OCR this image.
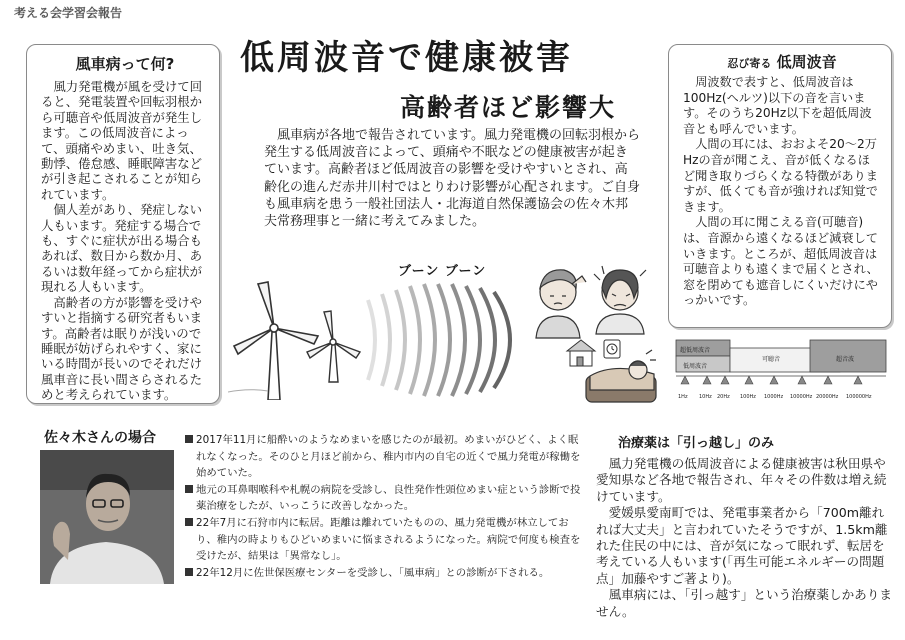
考える会学習会報告
風車病って何?

風力発電機が風を受けて回ると、発電装置や回転羽根から可聴音や低周波音が発生します。この低周波音によって、頭痛やめまい、吐き気、動悸、倦怠感、睡眠障害などが引き起こされることが知られています。

個人差があり、発症しない人もいます。発症する場合でも、すぐに症状が出る場合もあれば、数日から数か月、あるいは数年経ってから症状が現れる人もいます。

高齢者の方が影響を受けやすいと指摘する研究者もいます。高齢者は眠りが浅いので睡眠が妨げられやすく、家にいる時間が長いのでそれだけ風車音に長い間さらされるためと考えられています。

低周波音で健康被害
高齢者ほど影響大

風車病が各地で報告されています。風力発電機の回転羽根から発生する低周波音によって、頭痛や不眠などの健康被害が起きています。高齢者ほど低周波音の影響を受けやすいとされ、高齢化の進んだ赤井川村ではとりわけ影響が心配されます。ご自身も風車病を患う一般社団法人・北海道自然保護協会の佐々木邦夫常務理事と一緒に考えてみました。

忍び寄る 低周波音

周波数で表すと、低周波音は100Hz(ヘルツ)以下の音を言います。そのうち20Hz以下を超低周波音とも呼んでいます。

人間の耳には、おおよそ20～2万Hzの音が聞こえ、音が低くなるほど聞き取りづらくなる特徴がありますが、低くても音が強ければ知覚できます。

人間の耳に聞こえる音(可聴音)は、音源から遠くなるほど減衰していきます。ところが、超低周波音は可聴音よりも遠くまで届くとされ、窓を閉めても遮音しにくいだけにやっかいです。

ブーン ブーン
超低周波音
低周波音
可聴音	超音波
1Hz 10Hz 20Hz 100Hz 1000Hz 10000Hz 20000Hz 100000Hz
佐々木さんの場合	2017年11月に船酔いのようなめまいを感じたのが最初。めまいがひどく、よく眠れなくなった。そのひと月ほど前から、稚内市内の自宅の近くで風力発電が稼働を始めていた。

地元の耳鼻咽喉科や札幌の病院を受診し、良性発作性頭位めまい症という診断で投薬治療をしたが、いっこうに改善しなかった。

22年7月に石狩市内に転居。距離は離れていたものの、風力発電機が林立しており、稚内の時よりもひどいめまいに悩まされるようになった。病院で何度も検査を受けたが、結果は「異常なし」。

22年12月に佐世保医療センターを受診し、「風車病」との診断が下される。

治療薬は「引っ越し」のみ

風力発電機の低周波音による健康被害は秋田県や愛知県など各地で報告され、年々その件数は増え続けています。

愛媛県愛南町では、発電事業者から「700m離れれば大丈夫」と言われていたそうですが、1.5km離れた住民の中には、音が気になって眠れず、転居を考えている人もいます(「再生可能エネルギーの問題点」加藤やすご著より)。

風車病には、「引っ越す」という治療薬しかありません。
